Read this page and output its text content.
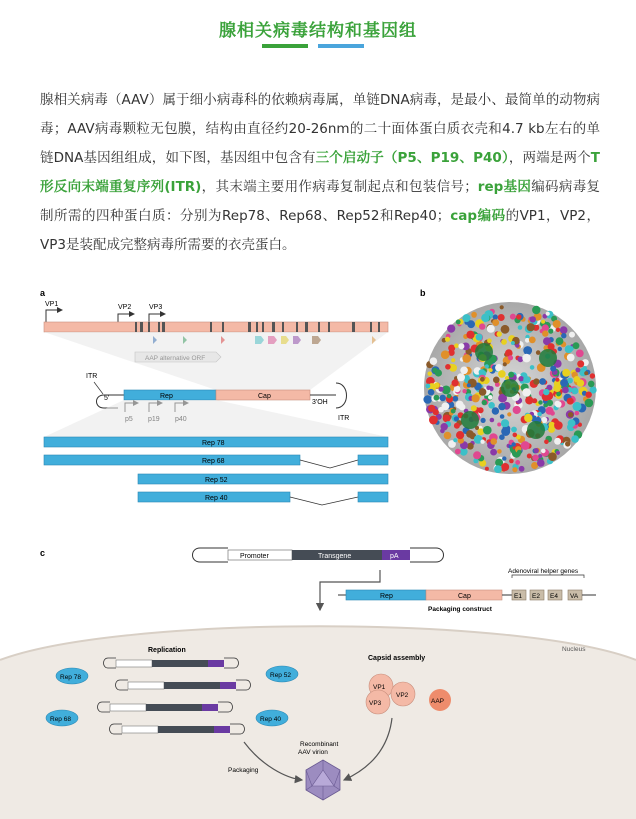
腺相关病毒结构和基因组
腺相关病毒（AAV）属于细小病毒科的依赖病毒属，单链DNA病毒，是最小、最简单的动物病毒；AAV病毒颗粒无包膜，结构由直径约20-26nm的二十面体蛋白质衣壳和4.7 kb左右的单链DNA基因组组成，如下图，基因组中包含有三个启动子（P5、P19、P40），两端是两个T形反向末端重复序列(ITR)，其末端主要用作病毒复制起点和包装信号；rep基因编码病毒复制所需的四种蛋白质：分别为Rep78、Rep68、Rep52和Rep40；cap编码的VP1，VP2，VP3是装配成完整病毒所需要的衣壳蛋白。
a
VP1	VP2	VP3
ITR
5'	Rep	Cap
3'OH
ITR
Rep 78
Rep 68
Rep 52
Rep 40
b
c	Promoter	Transgene	pA
Adenoviral helper genes
Rep	Cap	E1 E2 E4 VA
Packaging construct
Nucleus
Replication
Capsid assembly
Rep 78	Rep 52
Rep 68	Rep 40
VP1
VP2
VP3	AAP
Packaging
Recombinant
AAV virion
